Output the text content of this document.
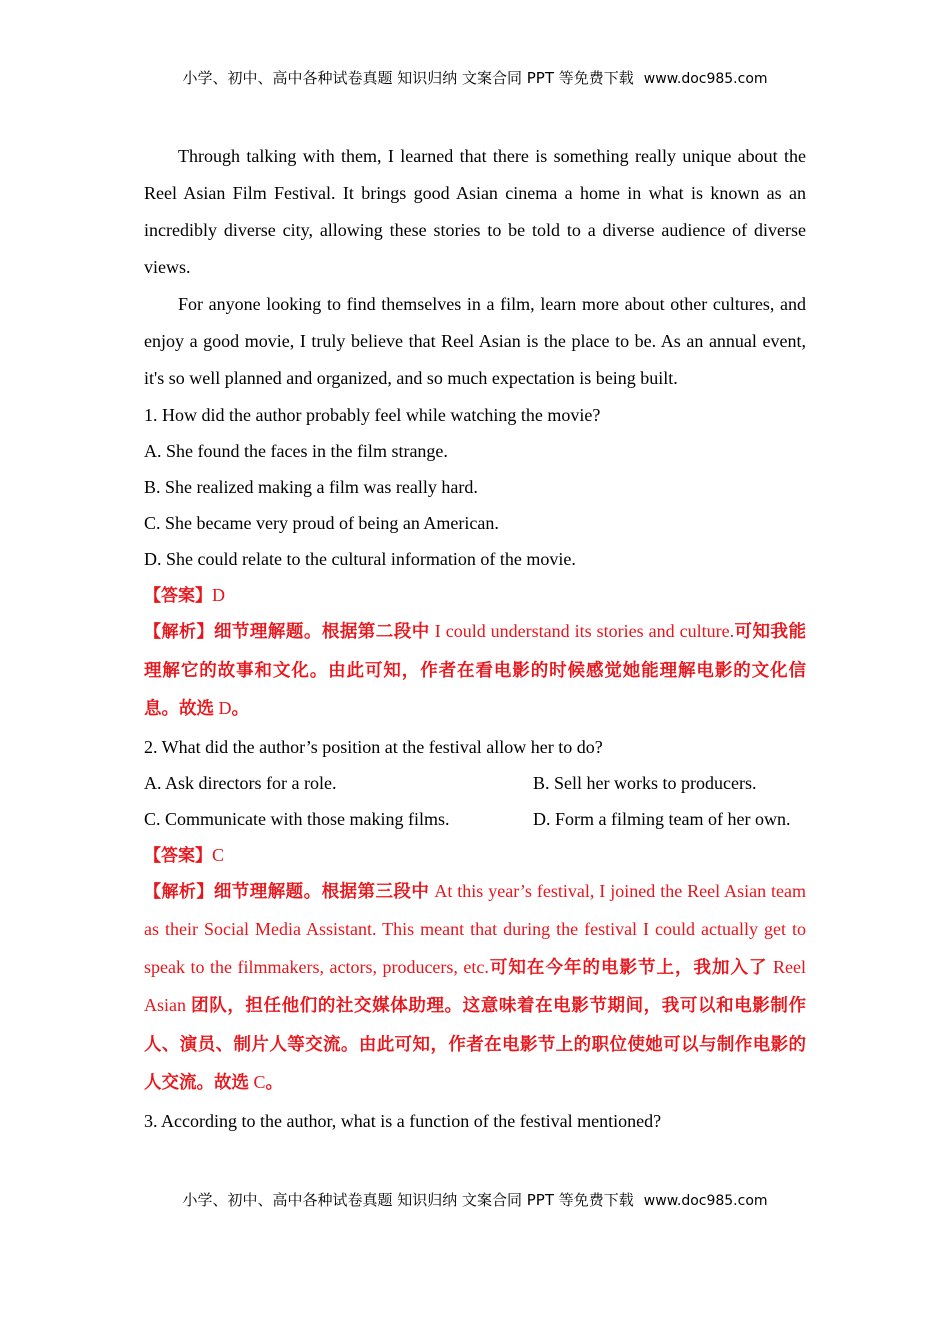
小学、初中、高中各种试卷真题 知识归纳 文案合同 PPT 等免费下载 www.doc985.com

Through talking with them, I learned that there is something really unique about the Reel Asian Film Festival. It brings good Asian cinema a home in what is known as an incredibly diverse city, allowing these stories to be told to a diverse audience of diverse views.

For anyone looking to find themselves in a film, learn more about other cultures, and enjoy a good movie, I truly believe that Reel Asian is the place to be. As an annual event, it's so well planned and organized, and so much expectation is being built.

1. How did the author probably feel while watching the movie?

A. She found the faces in the film strange.

B. She realized making a film was really hard.

C. She became very proud of being an American.

D. She could relate to the cultural information of the movie.

【答案】D

【解析】细节理解题。根据第二段中 I could understand its stories and culture.可知我能理解它的故事和文化。由此可知，作者在看电影的时候感觉她能理解电影的文化信息。故选 D。

2. What did the author’s position at the festival allow her to do?

A. Ask directors for a role.	B. Sell her works to producers.
C. Communicate with those making films.	D. Form a filming team of her own.

【答案】C

【解析】细节理解题。根据第三段中 At this year’s festival, I joined the Reel Asian team as their Social Media Assistant. This meant that during the festival I could actually get to speak to the filmmakers, actors, producers, etc.可知在今年的电影节上，我加入了 Reel Asian 团队，担任他们的社交媒体助理。这意味着在电影节期间，我可以和电影制作人、演员、制片人等交流。由此可知，作者在电影节上的职位使她可以与制作电影的人交流。故选 C。

3. According to the author, what is a function of the festival mentioned?

小学、初中、高中各种试卷真题 知识归纳 文案合同 PPT 等免费下载 www.doc985.com
